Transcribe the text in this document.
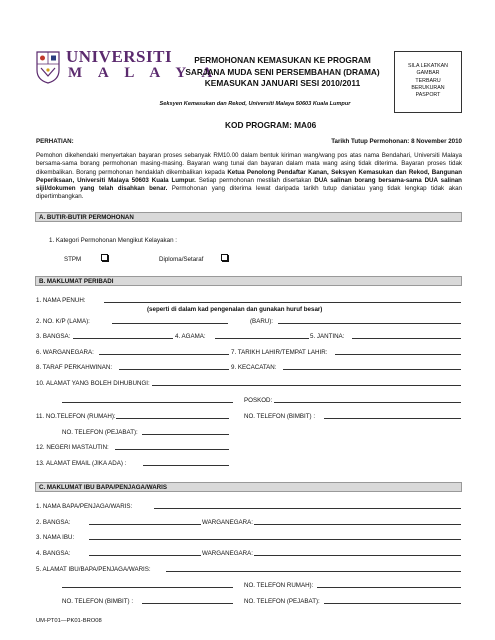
UNIVERSITI
M A L A Y A
PERMOHONAN KEMASUKAN KE PROGRAM
SARJANA MUDA SENI PERSEMBAHAN (DRAMA)
KEMASUKAN JANUARI SESI 2010/2011
SILA LEKATKAN
GAMBAR
TERBARU
BERUKURAN
PASPORT
Seksyen Kemasukan dan Rekod, Universiti Malaya 50603 Kuala Lumpur
KOD PROGRAM: MA06
PERHATIAN:	Tarikh Tutup Permohonan: 8 November 2010
Pemohon dikehendaki menyertakan bayaran proses sebanyak RM10.00 dalam bentuk kiriman wang/wang pos atas nama Bendahari, Universiti Malaya bersama-sama borang permohonan masing-masing. Bayaran wang tunai dan bayaran dalam mata wang asing tidak diterima. Bayaran proses tidak dikembalikan. Borang permohonan hendaklah dikembalikan kepada Ketua Penolong Pendaftar Kanan, Seksyen Kemasukan dan Rekod, Bangunan Peperiksaan, Universiti Malaya 50603 Kuala Lumpur. Setiap permohonan mestilah disertakan DUA salinan borang bersama-sama DUA salinan sijil/dokumen yang telah disahkan benar. Permohonan yang diterima lewat daripada tarikh tutup daniatau yang tidak lengkap tidak akan dipertimbangkan.
A. BUTIR-BUTIR PERMOHONAN
1. Kategori Permohonan Mengikut Kelayakan :
STPM	Diploma/Setaraf
B. MAKLUMAT PERIBADI
1. NAMA PENUH:
(seperti di dalam kad pengenalan dan gunakan huruf besar)
2. NO. K/P (LAMA):	(BARU):
3. BANGSA:	4. AGAMA:	5. JANTINA:
6. WARGANEGARA:	7. TARIKH LAHIR/TEMPAT LAHIR:
8. TARAF PERKAHWINAN:	9. KECACATAN:
10. ALAMAT YANG BOLEH DIHUBUNGI:
POSKOD:
11. NO.TELEFON (RUMAH):	NO. TELEFON (BIMBIT) :
NO. TELEFON (PEJABAT):
12. NEGERI MASTAUTIN:
13. ALAMAT EMAIL (JIKA ADA) :
C. MAKLUMAT IBU BAPA/PENJAGA/WARIS
1. NAMA BAPA/PENJAGA/WARIS:
2. BANGSA:	WARGANEGARA:
3. NAMA IBU:
4. BANGSA:	WARGANEGARA:
5. ALAMAT IBU/BAPA/PENJAGA/WARIS:
NO. TELEFON RUMAH):
NO. TELEFON (BIMBIT) :	NO. TELEFON (PEJABAT):
UM-PT01—PK01-BRO08
